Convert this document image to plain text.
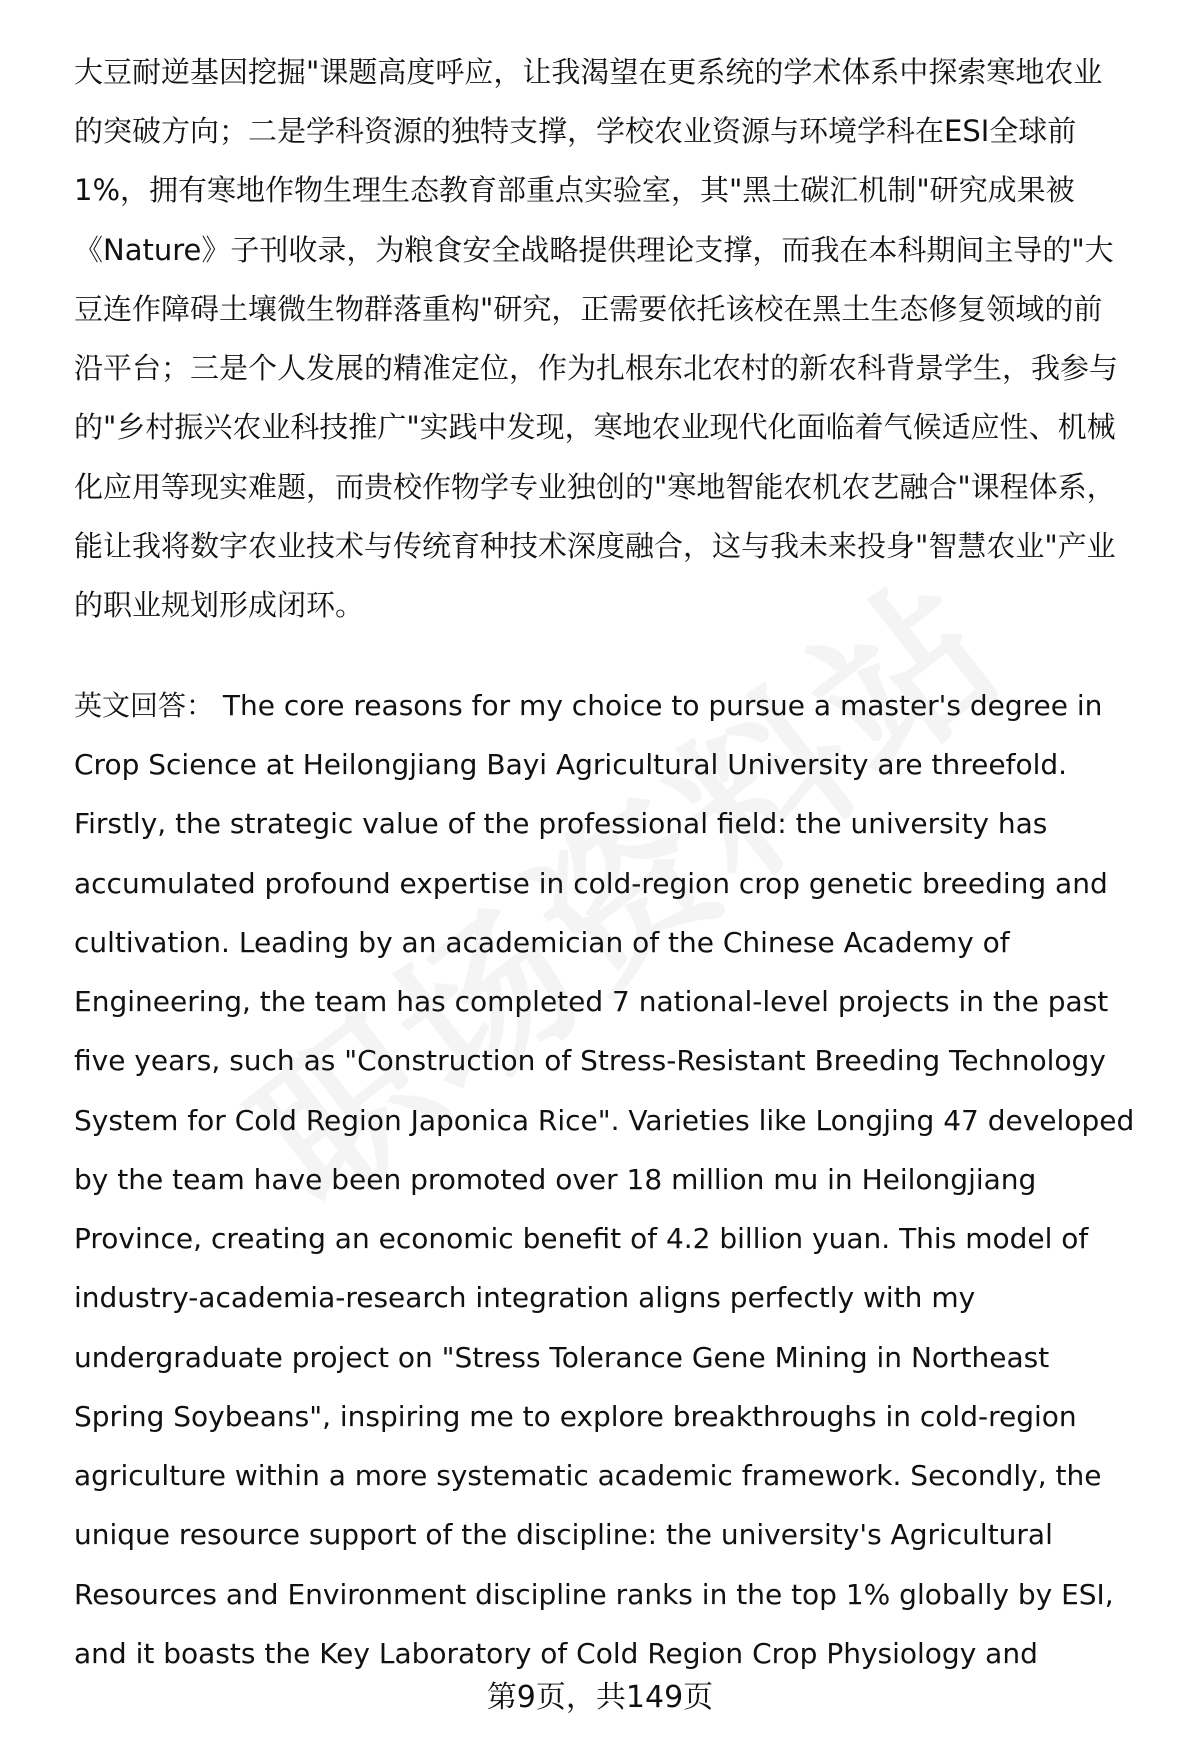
大豆耐逆基因挖掘"课题高度呼应，让我渴望在更系统的学术体系中探索寒地农业
的突破方向；二是学科资源的独特支撑，学校农业资源与环境学科在ESI全球前
1%，拥有寒地作物生理生态教育部重点实验室，其"黑土碳汇机制"研究成果被
《Nature》子刊收录，为粮食安全战略提供理论支撑，而我在本科期间主导的"大
豆连作障碍土壤微生物群落重构"研究，正需要依托该校在黑土生态修复领域的前
沿平台；三是个人发展的精准定位，作为扎根东北农村的新农科背景学生，我参与
的"乡村振兴农业科技推广"实践中发现，寒地农业现代化面临着气候适应性、机械
化应用等现实难题，而贵校作物学专业独创的"寒地智能农机农艺融合"课程体系，
能让我将数字农业技术与传统育种技术深度融合，这与我未来投身"智慧农业"产业
的职业规划形成闭环。
英文回答： The core reasons for my choice to pursue a master's degree in
Crop Science at Heilongjiang Bayi Agricultural University are threefold.
Firstly, the strategic value of the professional field: the university has
accumulated profound expertise in cold-region crop genetic breeding and
cultivation. Leading by an academician of the Chinese Academy of
Engineering, the team has completed 7 national-level projects in the past
five years, such as "Construction of Stress-Resistant Breeding Technology
System for Cold Region Japonica Rice". Varieties like Longjing 47 developed
by the team have been promoted over 18 million mu in Heilongjiang
Province, creating an economic benefit of 4.2 billion yuan. This model of
industry-academia-research integration aligns perfectly with my
undergraduate project on "Stress Tolerance Gene Mining in Northeast
Spring Soybeans", inspiring me to explore breakthroughs in cold-region
agriculture within a more systematic academic framework. Secondly, the
unique resource support of the discipline: the university's Agricultural
Resources and Environment discipline ranks in the top 1% globally by ESI,
and it boasts the Key Laboratory of Cold Region Crop Physiology and
第9页，共149页
